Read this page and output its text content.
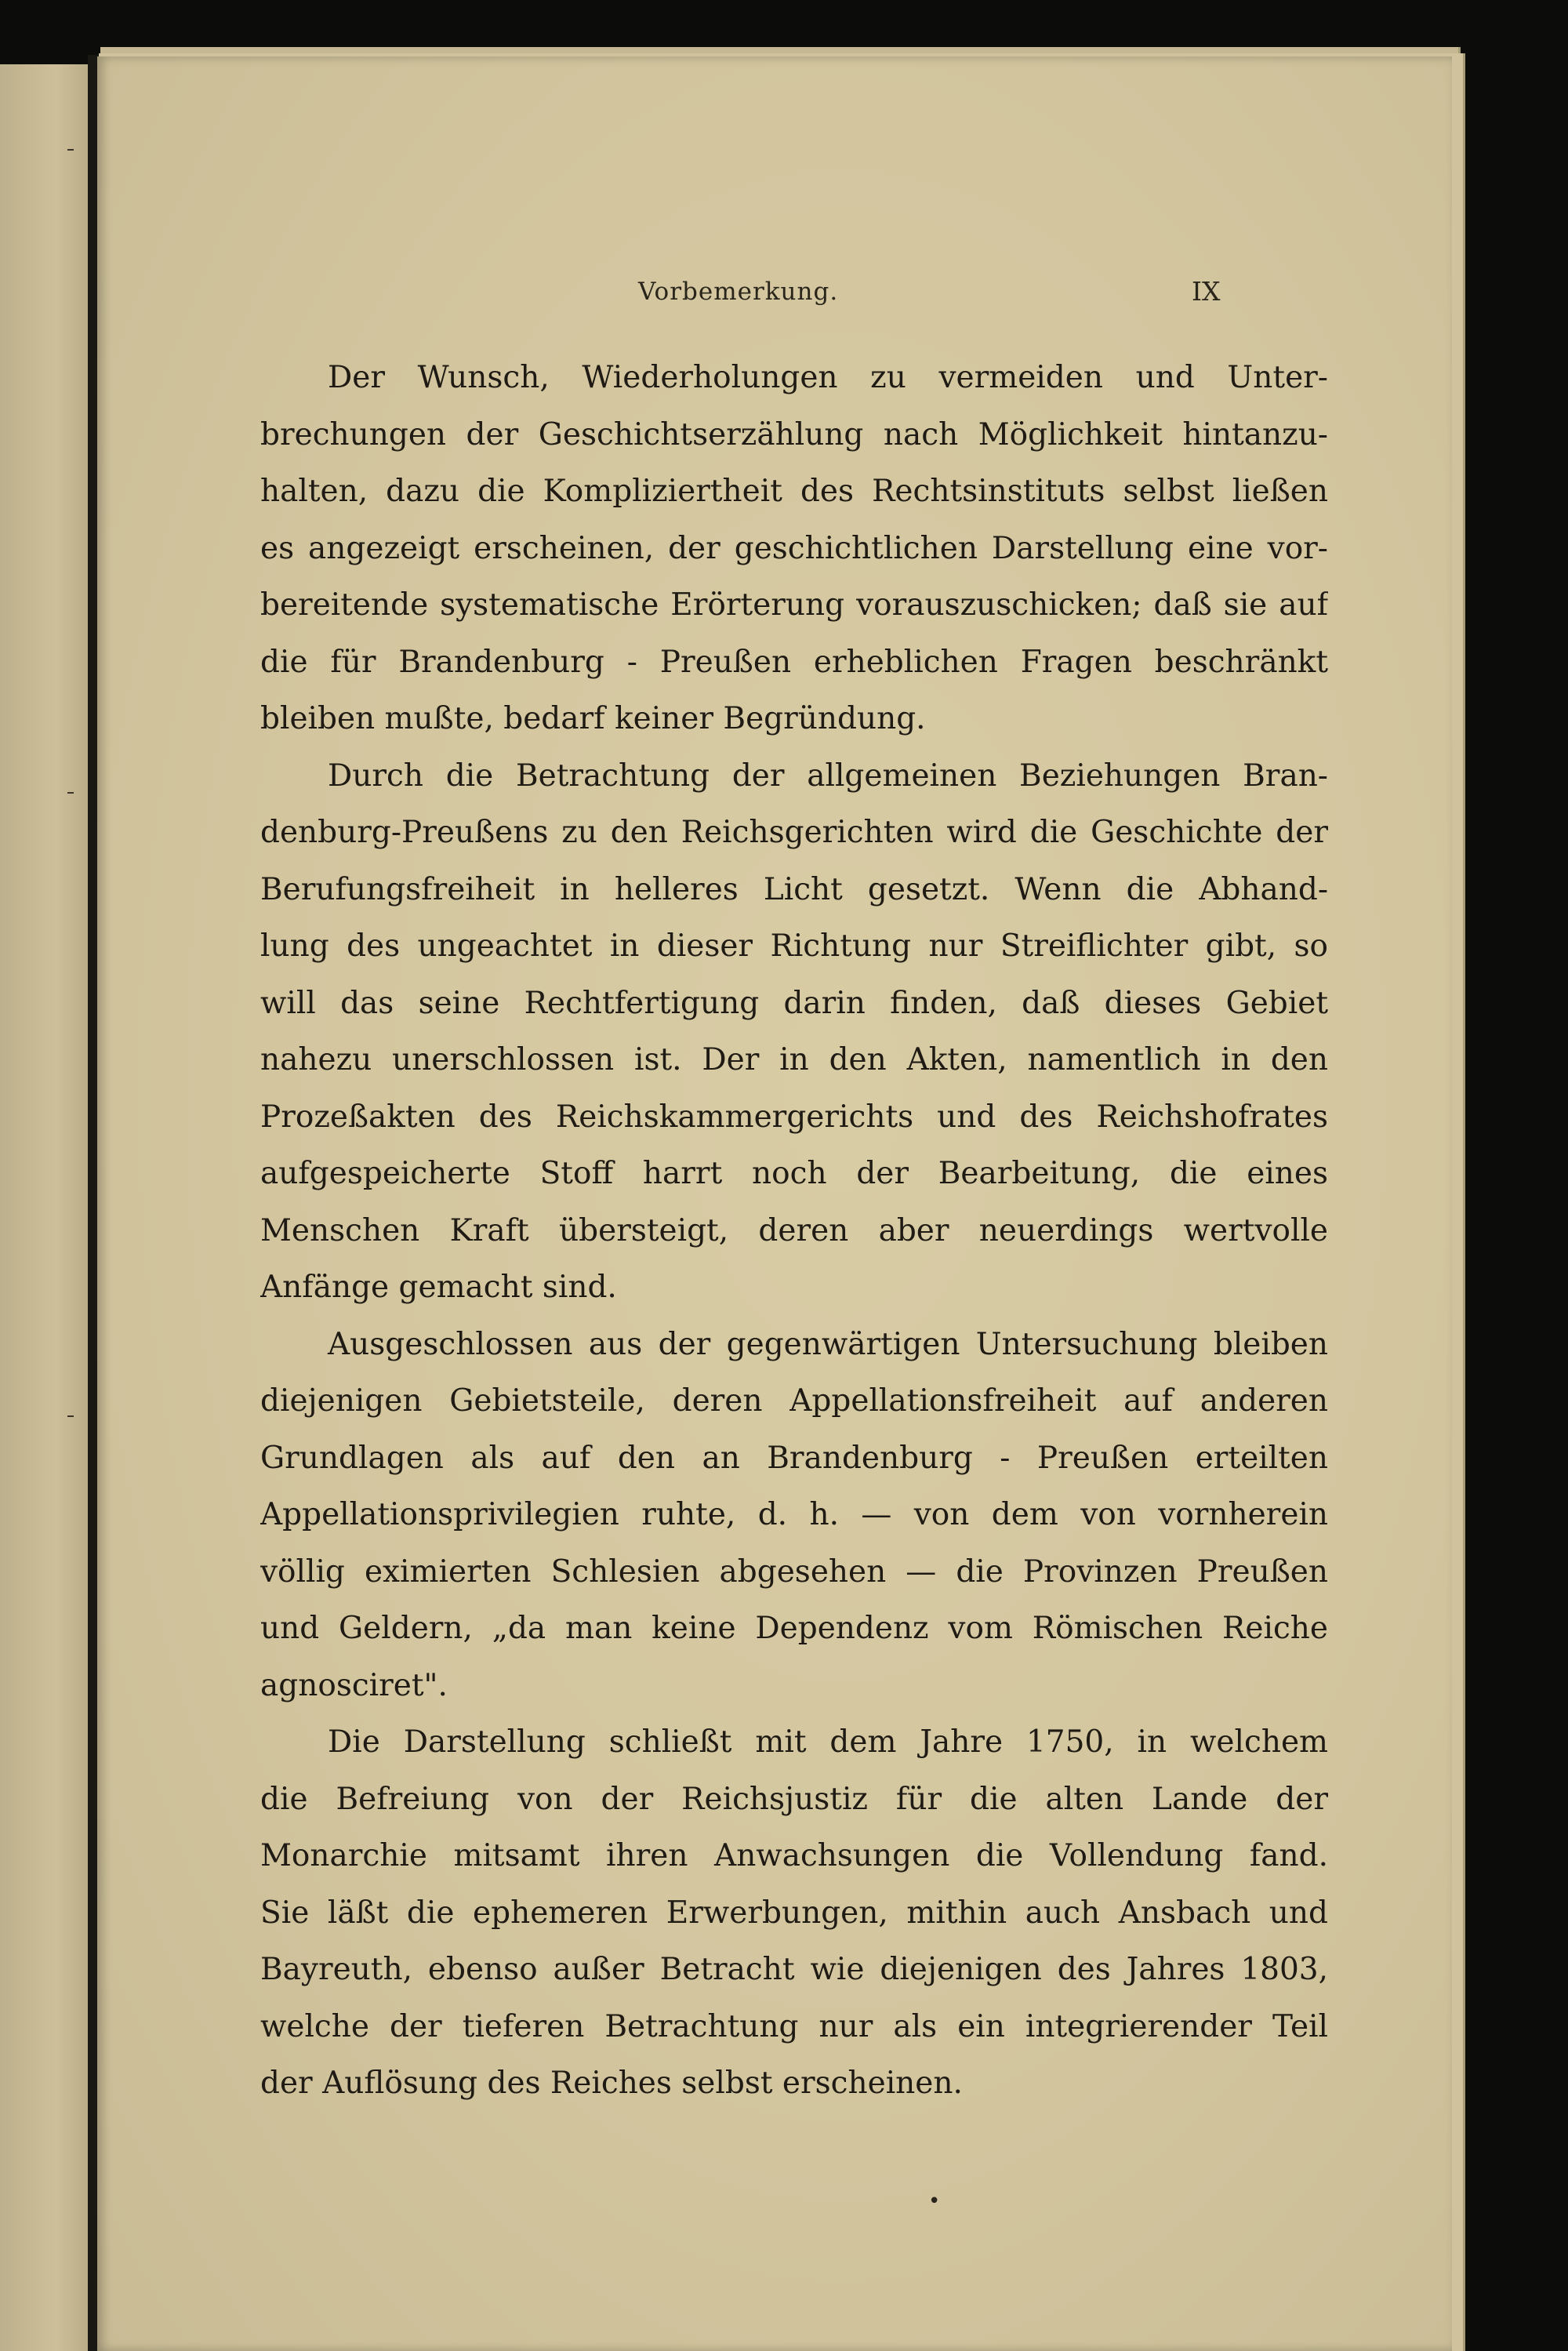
Vorbemerkung.	IX
Der Wunsch, Wiederholungen zu vermeiden und Unter-
brechungen der Geschichtserzählung nach Möglichkeit hintanzu-
halten, dazu die Kompliziertheit des Rechtsinstituts selbst ließen
es angezeigt erscheinen, der geschichtlichen Darstellung eine vor-
bereitende systematische Erörterung vorauszuschicken; daß sie auf
die für Brandenburg - Preußen erheblichen Fragen beschränkt
bleiben mußte, bedarf keiner Begründung.
Durch die Betrachtung der allgemeinen Beziehungen Bran-
denburg-Preußens zu den Reichsgerichten wird die Geschichte der
Berufungsfreiheit in helleres Licht gesetzt. Wenn die Abhand-
lung des ungeachtet in dieser Richtung nur Streiflichter gibt, so
will das seine Rechtfertigung darin finden, daß dieses Gebiet
nahezu unerschlossen ist. Der in den Akten, namentlich in den
Prozeßakten des Reichskammergerichts und des Reichshofrates
aufgespeicherte Stoff harrt noch der Bearbeitung, die eines
Menschen Kraft übersteigt, deren aber neuerdings wertvolle
Anfänge gemacht sind.
Ausgeschlossen aus der gegenwärtigen Untersuchung bleiben
diejenigen Gebietsteile, deren Appellationsfreiheit auf anderen
Grundlagen als auf den an Brandenburg - Preußen erteilten
Appellationsprivilegien ruhte, d. h. — von dem von vornherein
völlig eximierten Schlesien abgesehen — die Provinzen Preußen
und Geldern, „da man keine Dependenz vom Römischen Reiche
agnosciret".
Die Darstellung schließt mit dem Jahre 1750, in welchem
die Befreiung von der Reichsjustiz für die alten Lande der
Monarchie mitsamt ihren Anwachsungen die Vollendung fand.
Sie läßt die ephemeren Erwerbungen, mithin auch Ansbach und
Bayreuth, ebenso außer Betracht wie diejenigen des Jahres 1803,
welche der tieferen Betrachtung nur als ein integrierender Teil
der Auflösung des Reiches selbst erscheinen.
•
